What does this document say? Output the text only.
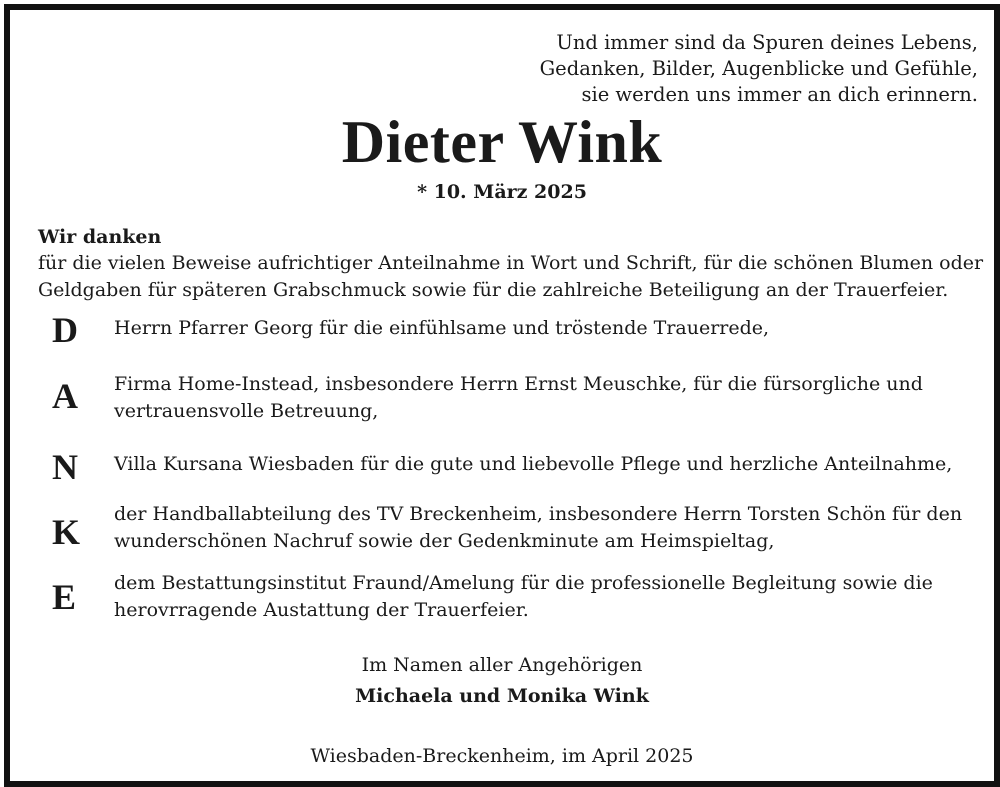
Und immer sind da Spuren deines Lebens,
Gedanken, Bilder, Augenblicke und Gefühle,
sie werden uns immer an dich erinnern.
Dieter Wink
* 10. März 2025
Wir danken
für die vielen Beweise aufrichtiger Anteilnahme in Wort und Schrift, für die schönen Blumen oder
Geldgaben für späteren Grabschmuck sowie für die zahlreiche Beteiligung an der Trauerfeier.
D	Herrn Pfarrer Georg für die einfühlsame und tröstende Trauerrede,
A	Firma Home-Instead, insbesondere Herrn Ernst Meuschke, für die fürsorgliche und
vertrauensvolle Betreuung,
N	Villa Kursana Wiesbaden für die gute und liebevolle Pflege und herzliche Anteilnahme,
K	der Handballabteilung des TV Breckenheim, insbesondere Herrn Torsten Schön für den
wunderschönen Nachruf sowie der Gedenkminute am Heimspieltag,
E	dem Bestattungsinstitut Fraund/Amelung für die professionelle Begleitung sowie die
herovrragende Austattung der Trauerfeier.
Im Namen aller Angehörigen
Michaela und Monika Wink
Wiesbaden-Breckenheim, im April 2025
